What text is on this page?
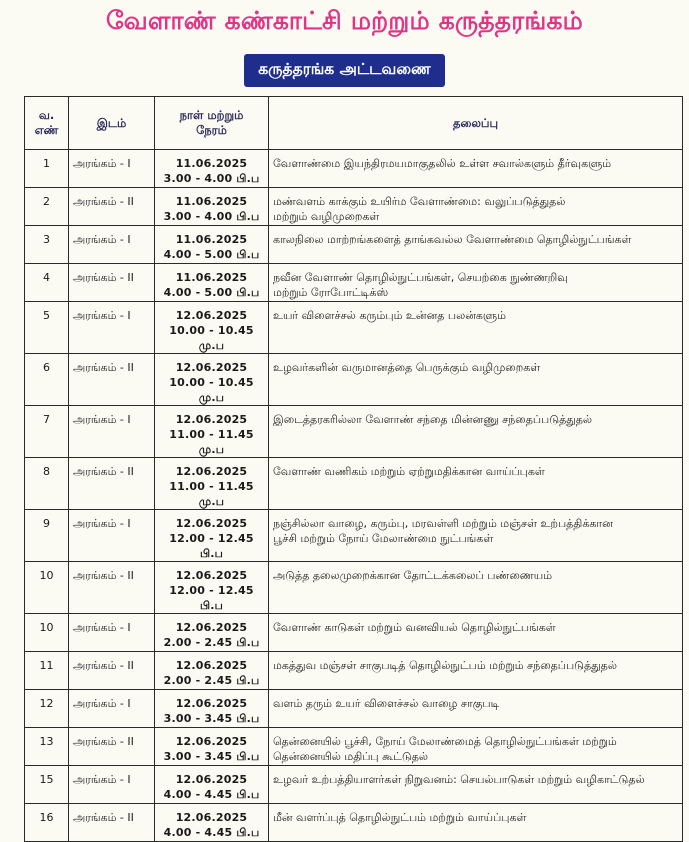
வேளாண் கண்காட்சி மற்றும் கருத்தரங்கம்
கருத்தரங்க அட்டவணை
வ.
எண்	இடம்	நாள் மற்றும்
நேரம்	தலைப்பு

1	அரங்கம் - I	11.06.2025
3.00 - 4.00 பி.ப	வேளாண்மை இயந்திரமயமாகுதலில் உள்ள சவால்களும் தீர்வுகளும்

2	அரங்கம் - II	11.06.2025
3.00 - 4.00 பி.ப	மண்வளம் காக்கும் உயிர்ம வேளாண்மை: வலுப்படுத்துதல்
மற்றும் வழிமுறைகள்

3	அரங்கம் - I	11.06.2025
4.00 - 5.00 பி.ப	காலநிலை மாற்றங்களைத் தாங்கவல்ல வேளாண்மை தொழில்நுட்பங்கள்

4	அரங்கம் - II	11.06.2025
4.00 - 5.00 பி.ப	நவீன வேளாண் தொழில்நுட்பங்கள், செயற்கை நுண்ணறிவு
மற்றும் ரோபோட்டிக்ஸ்

5	அரங்கம் - I	12.06.2025
10.00 - 10.45 மு.ப	உயர் விளைச்சல் கரும்பும் உன்னத பலன்களும்

6	அரங்கம் - II	12.06.2025
10.00 - 10.45 மு.ப	உழவர்களின் வருமானத்தை பெருக்கும் வழிமுறைகள்

7	அரங்கம் - I	12.06.2025
11.00 - 11.45 மு.ப	இடைத்தரகரில்லா வேளாண் சந்தை மின்னணு சந்தைப்படுத்துதல்

8	அரங்கம் - II	12.06.2025
11.00 - 11.45 மு.ப	வேளாண் வணிகம் மற்றும் ஏற்றுமதிக்கான வாய்ப்புகள்

9	அரங்கம் - I	12.06.2025
12.00 - 12.45 பி.ப	நஞ்சில்லா வாழை, கரும்பு, மரவள்ளி மற்றும் மஞ்சள் உற்பத்திக்கான
பூச்சி மற்றும் நோய் மேலாண்மை நுட்பங்கள்

10	அரங்கம் - II	12.06.2025
12.00 - 12.45 பி.ப	அடுத்த தலைமுறைக்கான தோட்டக்கலைப் பண்ணையம்

10	அரங்கம் - I	12.06.2025
2.00 - 2.45 பி.ப	வேளாண் காடுகள் மற்றும் வனவியல் தொழில்நுட்பங்கள்

11	அரங்கம் - II	12.06.2025
2.00 - 2.45 பி.ப	மகத்துவ மஞ்சள் சாகுபடித் தொழில்நுட்பம் மற்றும் சந்தைப்படுத்துதல்

12	அரங்கம் - I	12.06.2025
3.00 - 3.45 பி.ப	வளம் தரும் உயர் விளைச்சல் வாழை சாகுபடி

13	அரங்கம் - II	12.06.2025
3.00 - 3.45 பி.ப	தென்னையில் பூச்சி, நோய் மேலாண்மைத் தொழில்நுட்பங்கள் மற்றும்
தென்னையில் மதிப்பு கூட்டுதல்

15	அரங்கம் - I	12.06.2025
4.00 - 4.45 பி.ப	உழவர் உற்பத்தியாளர்கள் நிறுவனம்: செயல்பாடுகள் மற்றும் வழிகாட்டுதல்

16	அரங்கம் - II	12.06.2025
4.00 - 4.45 பி.ப	மீன் வளர்ப்புத் தொழில்நுட்பம் மற்றும் வாய்ப்புகள்
